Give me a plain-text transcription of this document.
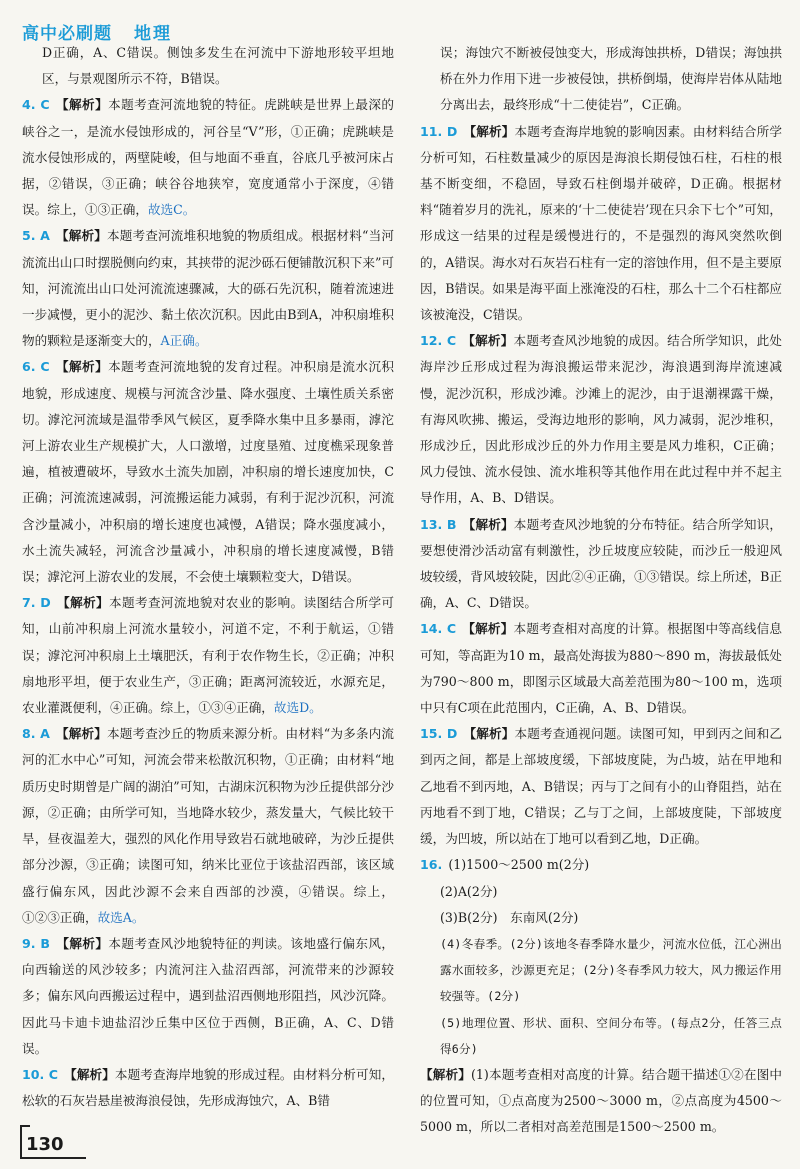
高中必刷题 地理

D正确，A、C错误。侧蚀多发生在河流中下游地形较平坦地区，与景观图所示不符，B错误。

4. C 【解析】本题考查河流地貌的特征。虎跳峡是世界上最深的峡谷之一，是流水侵蚀形成的，河谷呈“V”形，①正确；虎跳峡是流水侵蚀形成的，两壁陡峻，但与地面不垂直，谷底几乎被河床占据，②错误，③正确；峡谷谷地狭窄，宽度通常小于深度，④错误。综上，①③正确，故选C。

5. A 【解析】本题考查河流堆积地貌的物质组成。根据材料“当河流流出山口时摆脱侧向约束，其挟带的泥沙砾石便铺散沉积下来”可知，河流流出山口处河流流速骤减，大的砾石先沉积，随着流速进一步减慢，更小的泥沙、黏土依次沉积。因此由B到A，冲积扇堆积物的颗粒是逐渐变大的，A正确。

6. C 【解析】本题考查河流地貌的发育过程。冲积扇是流水沉积地貌，形成速度、规模与河流含沙量、降水强度、土壤性质关系密切。滹沱河流域是温带季风气候区，夏季降水集中且多暴雨，滹沱河上游农业生产规模扩大，人口激增，过度垦殖、过度樵采现象普遍，植被遭破坏，导致水土流失加剧，冲积扇的增长速度加快，C正确；河流流速减弱，河流搬运能力减弱，有利于泥沙沉积，河流含沙量减小，冲积扇的增长速度也减慢，A错误；降水强度减小，水土流失减轻，河流含沙量减小，冲积扇的增长速度减慢，B错误；滹沱河上游农业的发展，不会使土壤颗粒变大，D错误。

7. D 【解析】本题考查河流地貌对农业的影响。读图结合所学可知，山前冲积扇上河流水量较小，河道不定，不利于航运，①错误；滹沱河冲积扇上土壤肥沃，有利于农作物生长，②正确；冲积扇地形平坦，便于农业生产，③正确；距离河流较近，水源充足，农业灌溉便利，④正确。综上，①③④正确，故选D。

8. A 【解析】本题考查沙丘的物质来源分析。由材料“为多条内流河的汇水中心”可知，河流会带来松散沉积物，①正确；由材料“地质历史时期曾是广阔的湖泊”可知，古湖床沉积物为沙丘提供部分沙源，②正确；由所学可知，当地降水较少，蒸发量大，气候比较干旱，昼夜温差大，强烈的风化作用导致岩石就地破碎，为沙丘提供部分沙源，③正确；读图可知，纳米比亚位于该盐沼西部，该区域盛行偏东风，因此沙源不会来自西部的沙漠，④错误。综上，①②③正确，故选A。

9. B 【解析】本题考查风沙地貌特征的判读。该地盛行偏东风，向西输送的风沙较多；内流河注入盐沼西部，河流带来的沙源较多；偏东风向西搬运过程中，遇到盐沼西侧地形阻挡，风沙沉降。因此马卡迪卡迪盐沼沙丘集中区位于西侧，B正确，A、C、D错误。

10. C 【解析】本题考查海岸地貌的形成过程。由材料分析可知，松软的石灰岩悬崖被海浪侵蚀，先形成海蚀穴，A、B错

误；海蚀穴不断被侵蚀变大，形成海蚀拱桥，D错误；海蚀拱桥在外力作用下进一步被侵蚀，拱桥倒塌，使海岸岩体从陆地分离出去，最终形成“十二使徒岩”，C正确。

11. D 【解析】本题考查海岸地貌的影响因素。由材料结合所学分析可知，石柱数量减少的原因是海浪长期侵蚀石柱，石柱的根基不断变细，不稳固，导致石柱倒塌并破碎，D正确。根据材料“随着岁月的洗礼，原来的‘十二使徒岩’现在只余下七个”可知，形成这一结果的过程是缓慢进行的，不是强烈的海风突然吹倒的，A错误。海水对石灰岩石柱有一定的溶蚀作用，但不是主要原因，B错误。如果是海平面上涨淹没的石柱，那么十二个石柱都应该被淹没，C错误。

12. C 【解析】本题考查风沙地貌的成因。结合所学知识，此处海岸沙丘形成过程为海浪搬运带来泥沙，海浪遇到海岸流速减慢，泥沙沉积，形成沙滩。沙滩上的泥沙，由于退潮裸露干燥，有海风吹拂、搬运，受海边地形的影响，风力减弱，泥沙堆积，形成沙丘，因此形成沙丘的外力作用主要是风力堆积，C正确；风力侵蚀、流水侵蚀、流水堆积等其他作用在此过程中并不起主导作用，A、B、D错误。

13. B 【解析】本题考查风沙地貌的分布特征。结合所学知识，要想使滑沙活动富有刺激性，沙丘坡度应较陡，而沙丘一般迎风坡较缓，背风坡较陡，因此②④正确，①③错误。综上所述，B正确，A、C、D错误。

14. C 【解析】本题考查相对高度的计算。根据图中等高线信息可知，等高距为10 m，最高处海拔为880～890 m，海拔最低处为790～800 m，即图示区域最大高差范围为80～100 m，选项中只有C项在此范围内，C正确，A、B、D错误。

15. D 【解析】本题考查通视问题。读图可知，甲到丙之间和乙到丙之间，都是上部坡度缓，下部坡度陡，为凸坡，站在甲地和乙地看不到丙地，A、B错误；丙与丁之间有小的山脊阻挡，站在丙地看不到丁地，C错误；乙与丁之间，上部坡度陡，下部坡度缓，为凹坡，所以站在丁地可以看到乙地，D正确。

16. (1)1500～2500 m(2分)

(2)A(2分)

(3)B(2分)　东南风(2分)

(4)冬春季。(2分)该地冬春季降水量少，河流水位低，江心洲出露水面较多，沙源更充足；(2分)冬春季风力较大，风力搬运作用较强等。(2分)

(5)地理位置、形状、面积、空间分布等。(每点2分，任答三点得6分)

【解析】(1)本题考查相对高度的计算。结合题干描述①②在图中的位置可知，①点高度为2500～3000 m，②点高度为4500～5000 m，所以二者相对高差范围是1500～2500 m。

130
